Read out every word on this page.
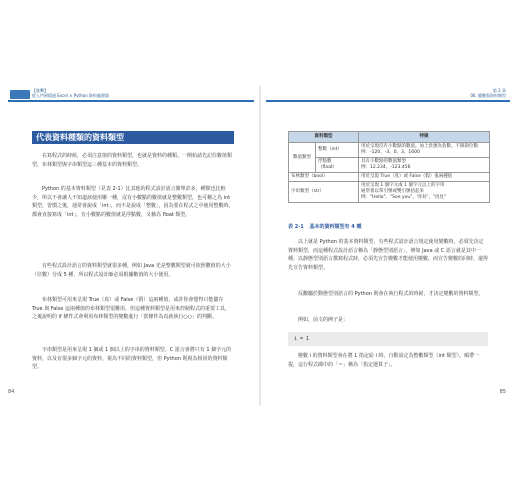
【進擊】
從入門到精通 Excel × Python 資料處理器
代表資料種類的資料類型

在寫程式的時候，必須注意值的資料類型，也就是資料的種類。一開始請先記住數值類型、布林類型與字串類型這三種基本的資料類型。

Python 的基本資料類型（見表 2-1）比其他的程式設計語言簡單許多，種類也比較少，所以不會讓人不知道該使用哪一種，沒有小數點的數值就是整數類型，也可稱之為 int 類型，習慣之後，通常會說成「int」，而不是說成「整數」，因為要在程式之中使用整數時，都會直接寫成「int」，有小數點的數值就是浮點數，又稱為 float 類型。

有些程式設計語言的資料類型就很多種，例如 Java 光是整數類型就可依照數值的大小（位數）分成 5 種，所以程式設計師必須根據數值的大小使用。

布林類型可用來呈現 True（真）或 False（假）這兩種值，或許你會覺得只能儲存 True 與 False 這兩種值的布林類型很難用，但這種資料類型是用來控制程式的重要工具，之後說明的 if 條件式會利用布林類型的變數進行「當條件為真就執行○○」的判斷。

字串類型是用來呈現 1 個或 1 個以上的字串的資料類型。C 語言會將只有 1 個字元的資料，以及有很多個字元的資料，視為不同的資料類型，但 Python 則視為相同的資料類型。

84
第 2 章
06. 變數與資料類型
資料類型		特徵
數值類型	整數（int）	用於呈現沒有小數點的數值。加上負號為負數。不限制位數
例：-120、-3、0、3、1600
	浮點數
（float）	具有小數點的數值類型
例：12.234、-123.456
布林類型（bool）		用於呈現 True（真）或 False（假）值兩種值
字串類型（str）		用於呈現 1 個字元或 1 個字元以上的字串
通常會以單引號或雙引號括起來
例："Hello"、"See you"、'你好'、"再見"
表 2-1 基本的資料類型有 4 種

以上就是 Python 的基本資料類型，有些程式設計語言規定使用變數時，必須先決定資料類型，而這種程式設計語言稱為「靜態型別語言」，例如 Java 或 C 語言就是其中一種，以靜態型別語言撰寫程式時，必須先宣告變數才能使用變數，而宣告變數的同時，還得先宣告資料類型。

反觀屬於動態型別語言的 Python 則會在執行程式的時候，才決定變數的資料類型。

例如，前文的例子是：

i = 1

變數 i 的資料類型會在將 1 指定給 i 時，自動設定為整數類型（int 類型）。順帶一提，這行程式碼中的「＝」稱為「指定運算子」。

85
